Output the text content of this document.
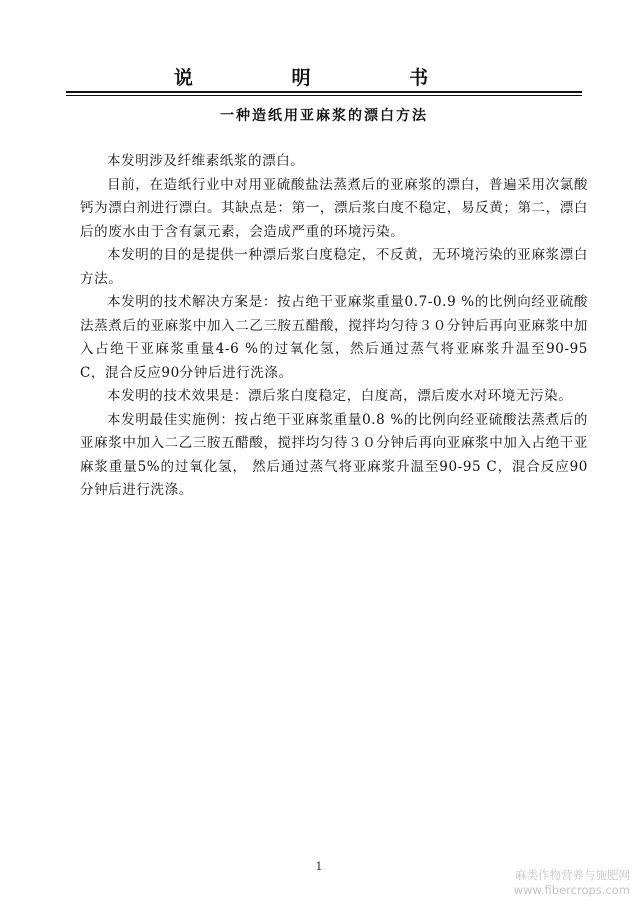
说 明 书
一种造纸用亚麻浆的漂白方法

本发明涉及纤维素纸浆的漂白。

目前，在造纸行业中对用亚硫酸盐法蒸煮后的亚麻浆的漂白，普遍采用次氯酸钙为漂白剂进行漂白。其缺点是：第一，漂后浆白度不稳定，易反黄；第二，漂白后的废水由于含有氯元素，会造成严重的环境污染。

本发明的目的是提供一种漂后浆白度稳定，不反黄，无环境污染的亚麻浆漂白方法。

本发明的技术解决方案是：按占绝干亚麻浆重量0.7-0.9 %的比例向经亚硫酸法蒸煮后的亚麻浆中加入二乙三胺五醋酸，搅拌均匀待３０分钟后再向亚麻浆中加入占绝干亚麻浆重量4-6 %的过氧化氢，然后通过蒸气将亚麻浆升温至90-95 C，混合反应90分钟后进行洗涤。

本发明的技术效果是：漂后浆白度稳定，白度高，漂后废水对环境无污染。

本发明最佳实施例：按占绝干亚麻浆重量0.8 %的比例向经亚硫酸法蒸煮后的亚麻浆中加入二乙三胺五醋酸，搅拌均匀待３０分钟后再向亚麻浆中加入占绝干亚麻浆重量5%的过氧化氢， 然后通过蒸气将亚麻浆升温至90-95 C，混合反应90分钟后进行洗涤。

1
麻类作物营养与施肥网
www.fibercrops.com
